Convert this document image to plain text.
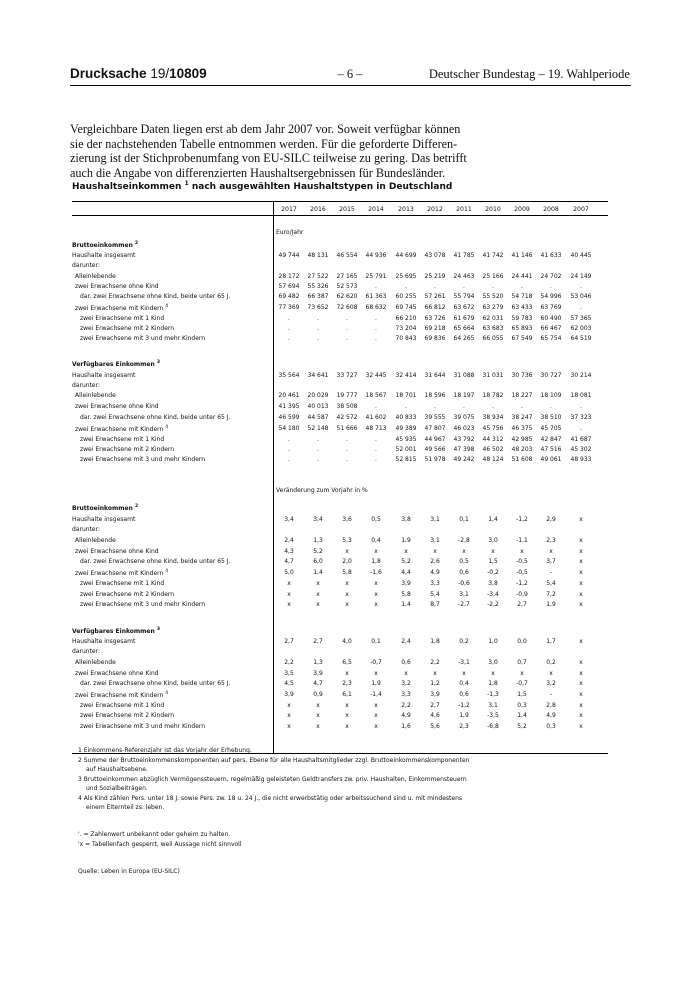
Drucksache 19/10809	– 6 –	Deutscher Bundestag – 19. Wahlperiode
Vergleichbare Daten liegen erst ab dem Jahr 2007 vor. Soweit verfügbar können
sie der nachstehenden Tabelle entnommen werden. Für die geforderte Differen-
zierung ist der Stichprobenumfang von EU-SILC teilweise zu gering. Das betrifft
auch die Angabe von differenzierten Haushaltsergebnissen für Bundesländer.
Haushaltseinkommen $^1$ nach ausgewählten Haushaltstypen in Deutschland
Euro/Jahr
Veränderung zum Vorjahr in %
2017	2016	2015	2014	2013	2012	2011	2010	2009	2008	2007
Bruttoeinkommen $^2$
Haushalte insgesamt	49 744	48 131	46 554	44 936	44 699	43 078	41 785	41 742	41 146	41 633	40 445
darunter:
Alleinlebende	28 172	27 522	27 165	25 791	25 695	25 219	24 463	25 166	24 441	24 702	24 149
zwei Erwachsene ohne Kind	57 694	55 326	52 573	.	.	.	.	.	.	.	.
dar. zwei Erwachsene ohne Kind, beide unter 65 J.	69 482	66 387	62 620	61 363	60 255	57 261	55 794	55 520	54 718	54 996	53 046
zwei Erwachsene mit Kindern $^4$	77 369	73 652	72 608	68 632	69 745	66 812	63 672	63 279	63 433	63 769	.
zwei Erwachsene mit 1 Kind	.	.	.	.	66 210	63 726	61 679	62 031	59 783	60 490	57 365
zwei Erwachsene mit 2 Kindern	.	.	.	.	73 204	69 218	65 664	63 683	65 893	66 467	62 003
zwei Erwachsene mit 3 und mehr Kindern	.	.	.	.	70 843	69 836	64 265	66 055	67 549	65 754	64 519
Verfügbares Einkommen $^3$
Haushalte insgesamt	35 564	34 641	33 727	32 445	32 414	31 644	31 088	31 031	30 736	30 727	30 214
darunter:
Alleinlebende	20 461	20 029	19 777	18 567	18 701	18 596	18 197	18 782	18 227	18 109	18 081
zwei Erwachsene ohne Kind	41 395	40 013	38 508	.	.	.	.	.	.	.	.
dar. zwei Erwachsene ohne Kind, beide unter 65 J.	46 599	44 587	42 572	41 602	40 833	39 555	39 075	38 934	38 247	38 510	37 323
zwei Erwachsene mit Kindern $^4$	54 180	52 148	51 666	48 713	49 389	47 807	46 023	45 756	46 375	45 705	.
zwei Erwachsene mit 1 Kind	.	.	.	.	45 935	44 967	43 792	44 312	42 985	42 847	41 687
zwei Erwachsene mit 2 Kindern	.	.	.	.	52 001	49 566	47 398	46 502	48 203	47 516	45 302
zwei Erwachsene mit 3 und mehr Kindern	.	.	.	.	52 815	51 978	49 242	48 124	51 608	49 061	48 933
Bruttoeinkommen $^2$
Haushalte insgesamt	3,4	3,4	3,6	0,5	3,8	3,1	0,1	1,4	-1,2	2,9	x
darunter:
Alleinlebende	2,4	1,3	5,3	0,4	1,9	3,1	-2,8	3,0	-1,1	2,3	x
zwei Erwachsene ohne Kind	4,3	5,2	x	x	x	x	x	x	x	x	x
dar. zwei Erwachsene ohne Kind, beide unter 65 J.	4,7	6,0	2,0	1,8	5,2	2,6	0,5	1,5	-0,5	3,7	x
zwei Erwachsene mit Kindern $^4$	5,0	1,4	5,8	-1,6	4,4	4,9	0,6	-0,2	-0,5	-	x
zwei Erwachsene mit 1 Kind	x	x	x	x	3,9	3,3	-0,6	3,8	-1,2	5,4	x
zwei Erwachsene mit 2 Kindern	x	x	x	x	5,8	5,4	3,1	-3,4	-0,9	7,2	x
zwei Erwachsene mit 3 und mehr Kindern	x	x	x	x	1,4	8,7	-2,7	-2,2	2,7	1,9	x
Verfügbares Einkommen $^3$
Haushalte insgesamt	2,7	2,7	4,0	0,1	2,4	1,8	0,2	1,0	0,0	1,7	x
darunter:
Alleinlebende	2,2	1,3	6,5	-0,7	0,6	2,2	-3,1	3,0	0,7	0,2	x
zwei Erwachsene ohne Kind	3,5	3,9	x	x	x	x	x	x	x	x	x
dar. zwei Erwachsene ohne Kind, beide unter 65 J.	4,5	4,7	2,3	1,9	3,2	1,2	0,4	1,8	-0,7	3,2	x
zwei Erwachsene mit Kindern $^4$	3,9	0,9	6,1	-1,4	3,3	3,9	0,6	-1,3	1,5	-	x
zwei Erwachsene mit 1 Kind	x	x	x	x	2,2	2,7	-1,2	3,1	0,3	2,8	x
zwei Erwachsene mit 2 Kindern	x	x	x	x	4,9	4,6	1,9	-3,5	1,4	4,9	x
zwei Erwachsene mit 3 und mehr Kindern	x	x	x	x	1,6	5,6	2,3	-6,8	5,2	0,3	x
1 Einkommens-Referenzjahr ist das Vorjahr der Erhebung.
2 Summe der Bruttoeinkommenskomponenten auf pers. Ebene für alle Haushaltsmitglieder zzgl. Bruttoeinkommenskomponenten
auf Haushaltsebene.
3 Bruttoeinkommen abzüglich Vermögenssteuern, regelmäßig geleisteten Geldtransfers zw. priv. Haushalten, Einkommensteuern
und Sozialbeiträgen.
4 Als Kind zählen Pers. unter 18 J. sowie Pers. zw. 18 u. 24 J., die nicht erwerbstätig oder arbeitssuchend sind u. mit mindestens
einem Elternteil zs. leben.
'. = Zahlenwert unbekannt oder geheim zu halten.
'x = Tabellenfach gesperrt, weil Aussage nicht sinnvoll
Quelle: Leben in Europa (EU-SILC)
